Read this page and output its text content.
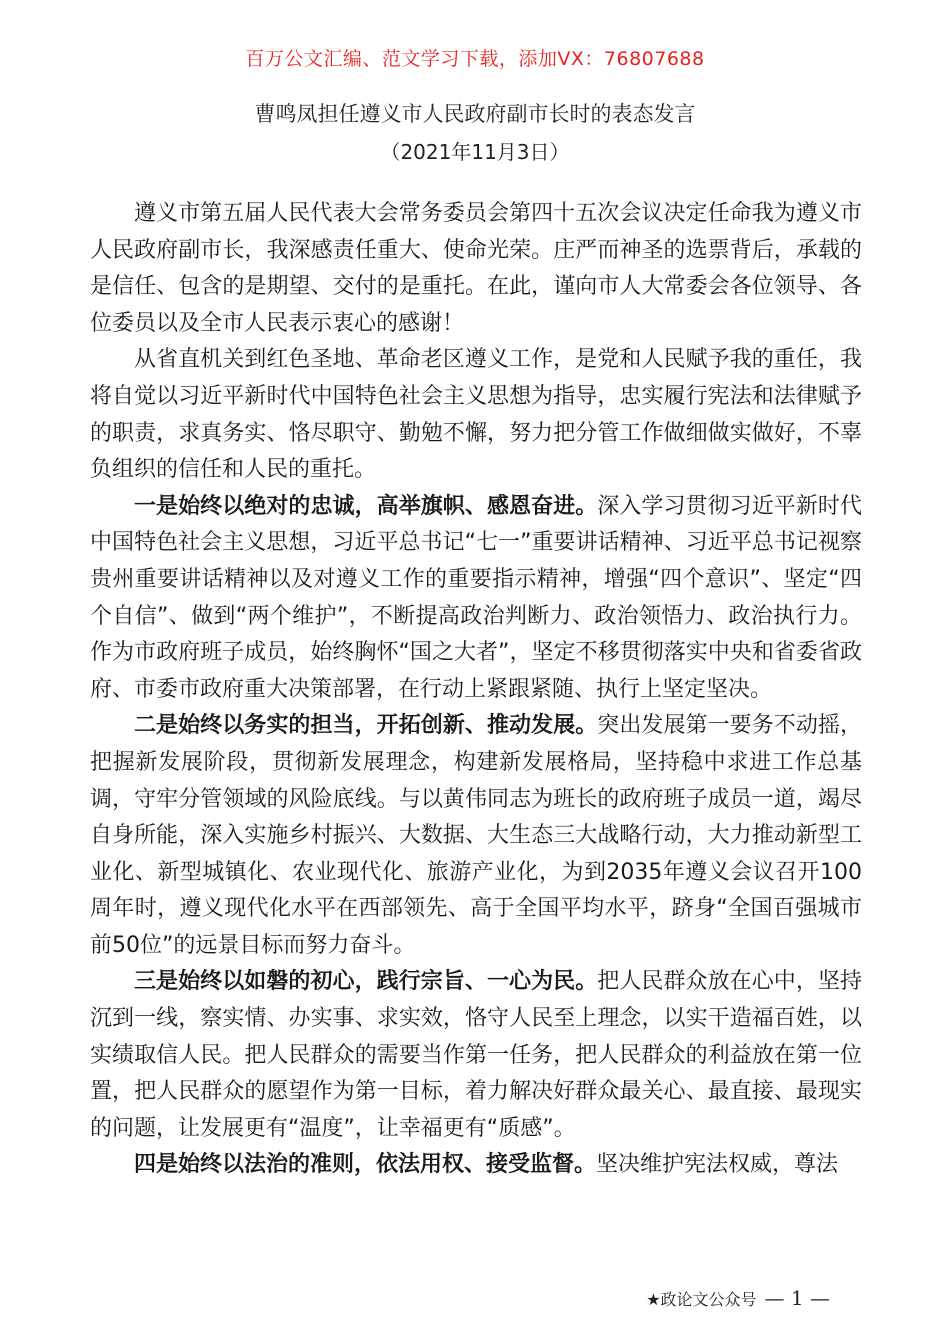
百万公文汇编、范文学习下载，添加VX：76807688
曹鸣凤担任遵义市人民政府副市长时的表态发言
（2021年11月3日）

遵义市第五届人民代表大会常务委员会第四十五次会议决定任命我为遵义市人民政府副市长，我深感责任重大、使命光荣。庄严而神圣的选票背后，承载的是信任、包含的是期望、交付的是重托。在此，谨向市人大常委会各位领导、各位委员以及全市人民表示衷心的感谢！

从省直机关到红色圣地、革命老区遵义工作，是党和人民赋予我的重任，我将自觉以习近平新时代中国特色社会主义思想为指导，忠实履行宪法和法律赋予的职责，求真务实、恪尽职守、勤勉不懈，努力把分管工作做细做实做好，不辜负组织的信任和人民的重托。

一是始终以绝对的忠诚，高举旗帜、感恩奋进。深入学习贯彻习近平新时代中国特色社会主义思想，习近平总书记“七一”重要讲话精神、习近平总书记视察贵州重要讲话精神以及对遵义工作的重要指示精神，增强“四个意识”、坚定“四个自信”、做到“两个维护”，不断提高政治判断力、政治领悟力、政治执行力。作为市政府班子成员，始终胸怀“国之大者”，坚定不移贯彻落实中央和省委省政府、市委市政府重大决策部署，在行动上紧跟紧随、执行上坚定坚决。

二是始终以务实的担当，开拓创新、推动发展。突出发展第一要务不动摇，把握新发展阶段，贯彻新发展理念，构建新发展格局，坚持稳中求进工作总基调，守牢分管领域的风险底线。与以黄伟同志为班长的政府班子成员一道，竭尽自身所能，深入实施乡村振兴、大数据、大生态三大战略行动，大力推动新型工业化、新型城镇化、农业现代化、旅游产业化，为到2035年遵义会议召开100周年时，遵义现代化水平在西部领先、高于全国平均水平，跻身“全国百强城市前50位”的远景目标而努力奋斗。

三是始终以如磐的初心，践行宗旨、一心为民。把人民群众放在心中，坚持沉到一线，察实情、办实事、求实效，恪守人民至上理念，以实干造福百姓，以实绩取信人民。把人民群众的需要当作第一任务，把人民群众的利益放在第一位置，把人民群众的愿望作为第一目标，着力解决好群众最关心、最直接、最现实的问题，让发展更有“温度”，让幸福更有“质感”。

四是始终以法治的准则，依法用权、接受监督。坚决维护宪法权威，尊法

★政论文公众号 — 1 —
